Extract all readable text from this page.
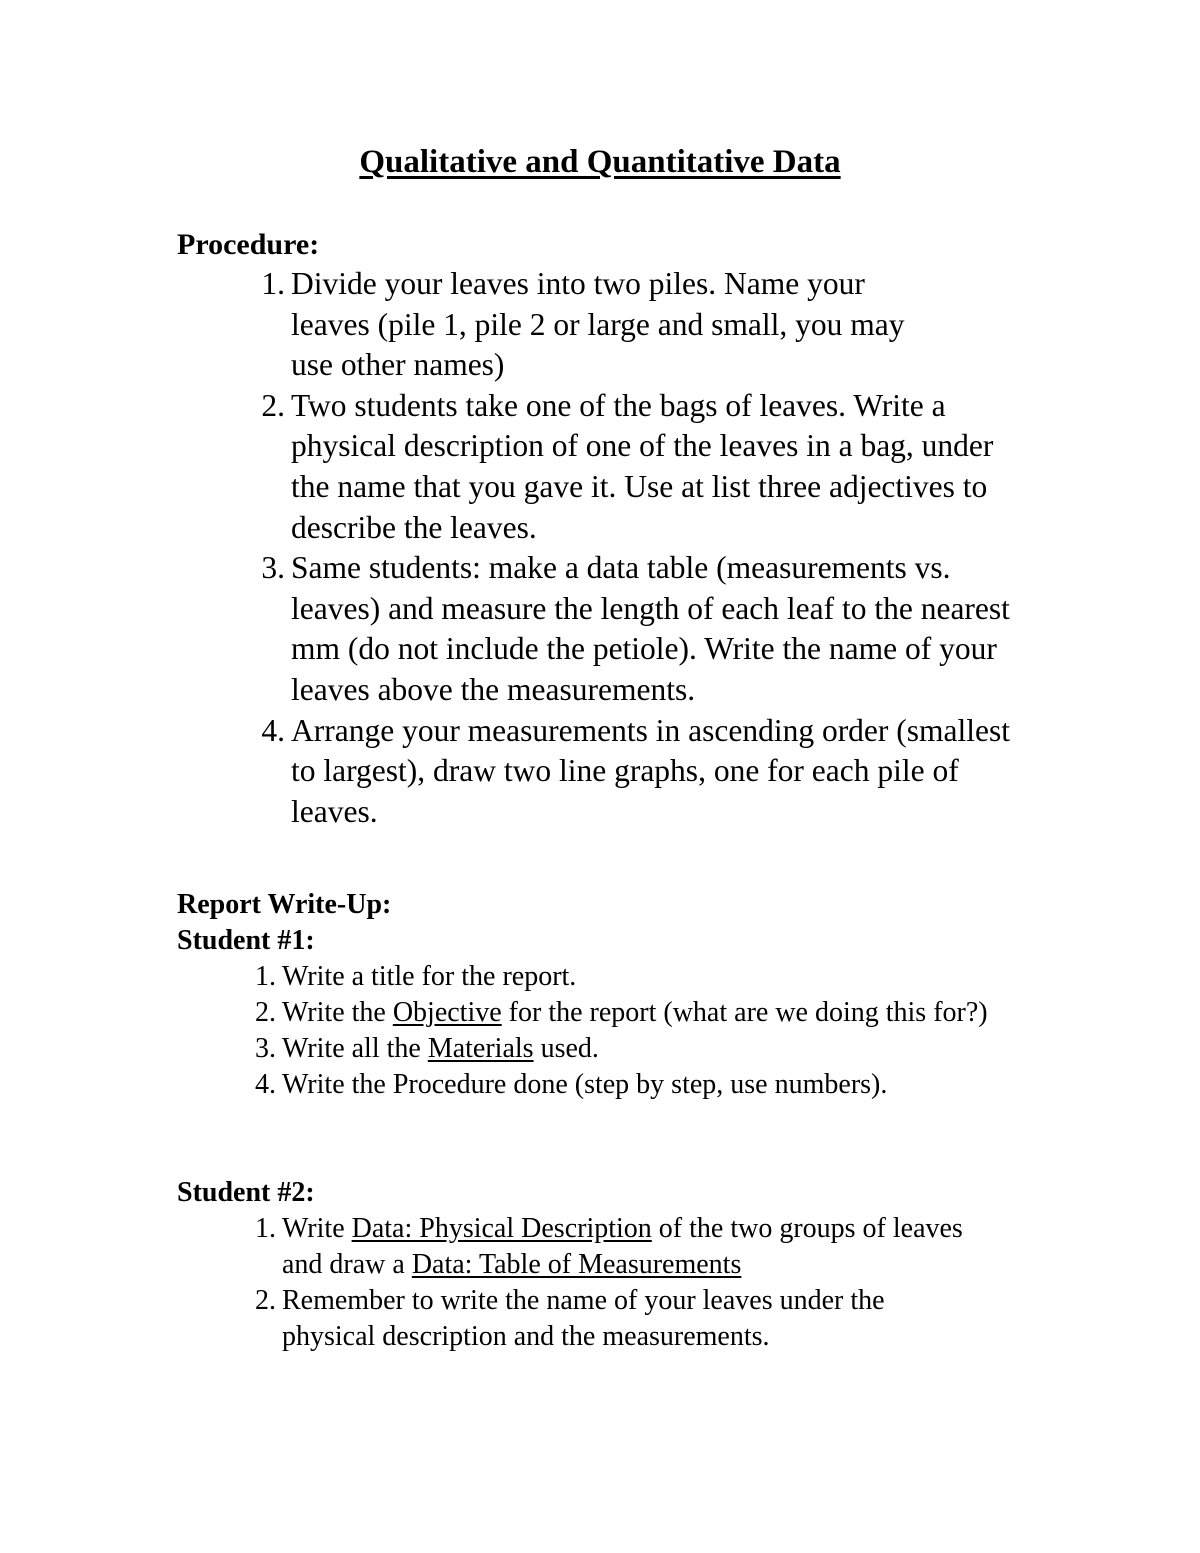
Qualitative and Quantitative Data
Procedure:
1. Divide your leaves into two piles. Name your leaves (pile 1, pile 2 or large and small, you may use other names)
2. Two students take one of the bags of leaves. Write a physical description of one of the leaves in a bag, under the name that you gave it. Use at list three adjectives to describe the leaves.
3. Same students: make a data table (measurements vs. leaves) and measure the length of each leaf to the nearest mm (do not include the petiole). Write the name of your leaves above the measurements.
4. Arrange your measurements in ascending order (smallest to largest), draw two line graphs, one for each pile of leaves.
Report Write-Up:
Student #1:
1. Write a title for the report.
2. Write the Objective for the report (what are we doing this for?)
3. Write all the Materials used.
4. Write the Procedure done (step by step, use numbers).
Student #2:
1. Write Data: Physical Description of the two groups of leaves and draw a Data: Table of Measurements
2. Remember to write the name of your leaves under the physical description and the measurements.
